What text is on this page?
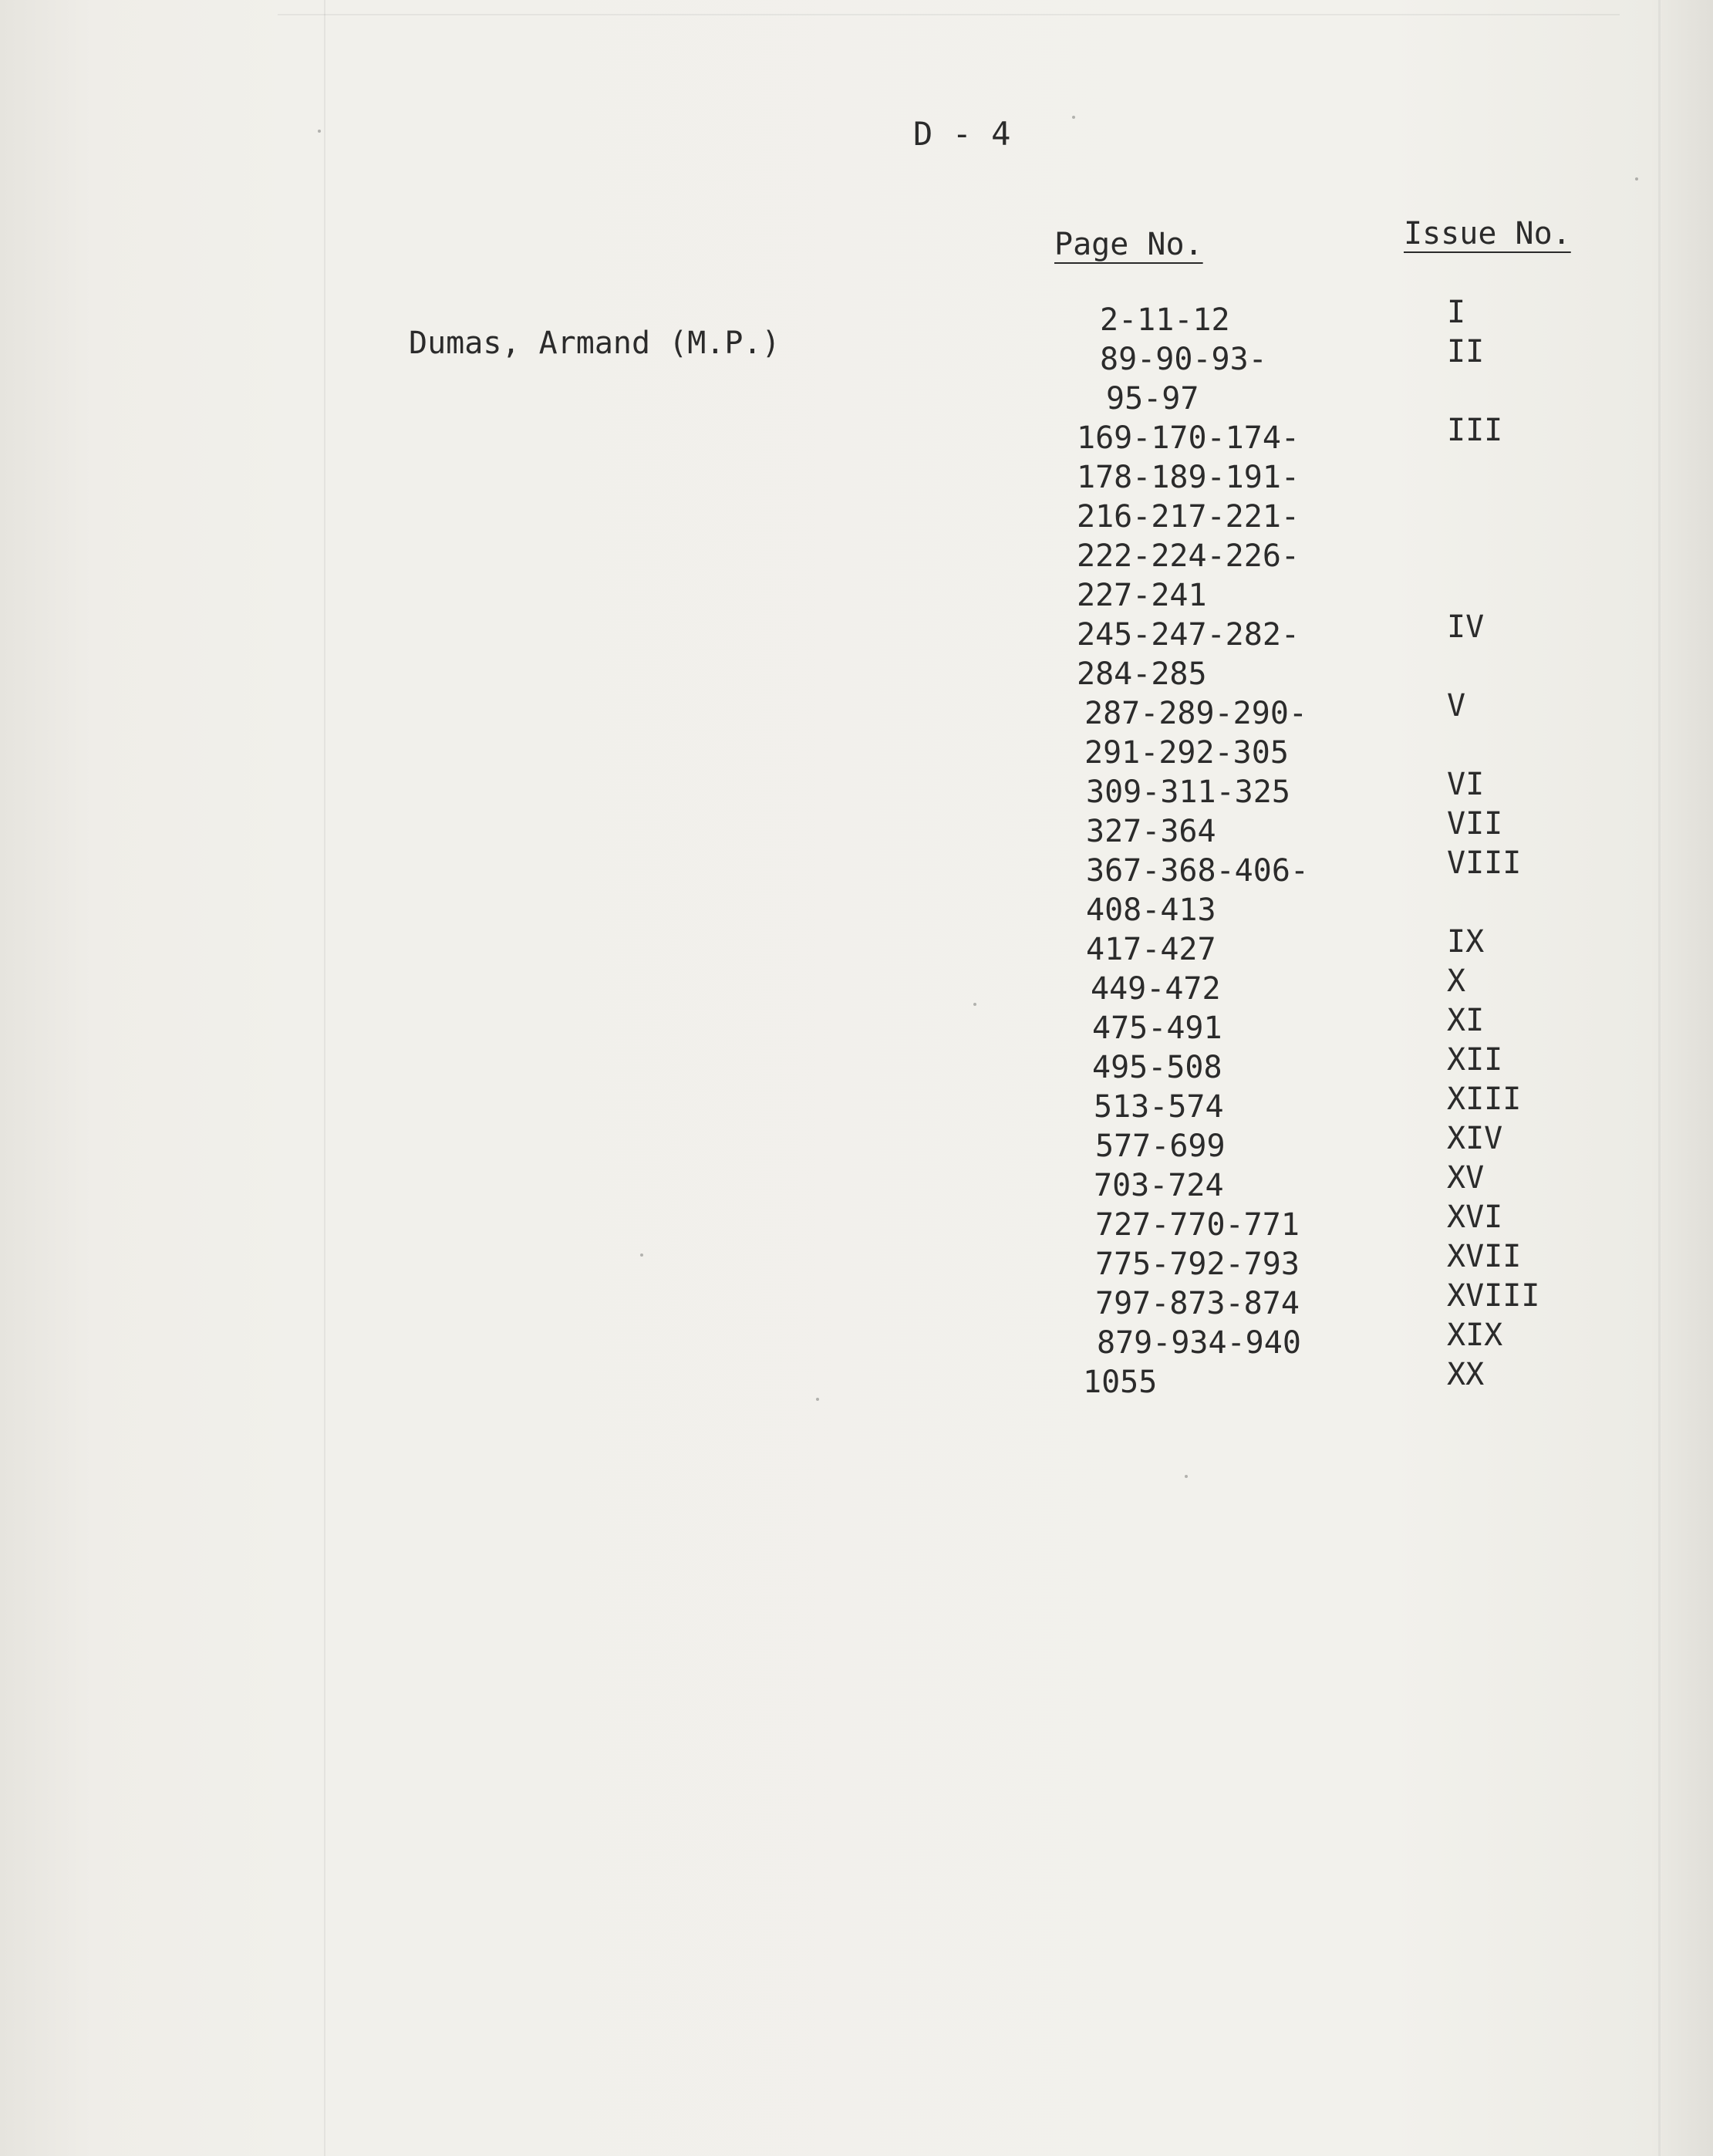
D - 4
Page No.	Issue No.
Dumas, Armand (M.P.)
2-11-12
89-90-93-
95-97
169-170-174-
178-189-191-
216-217-221-
222-224-226-
227-241
245-247-282-
284-285
287-289-290-
291-292-305
309-311-325
327-364
367-368-406-
408-413
417-427
449-472
475-491
495-508
513-574
577-699
703-724
727-770-771
775-792-793
797-873-874
879-934-940
1055
I
II
III
IV
V
VI
VII
VIII
IX
X
XI
XII
XIII
XIV
XV
XVI
XVII
XVIII
XIX
XX
